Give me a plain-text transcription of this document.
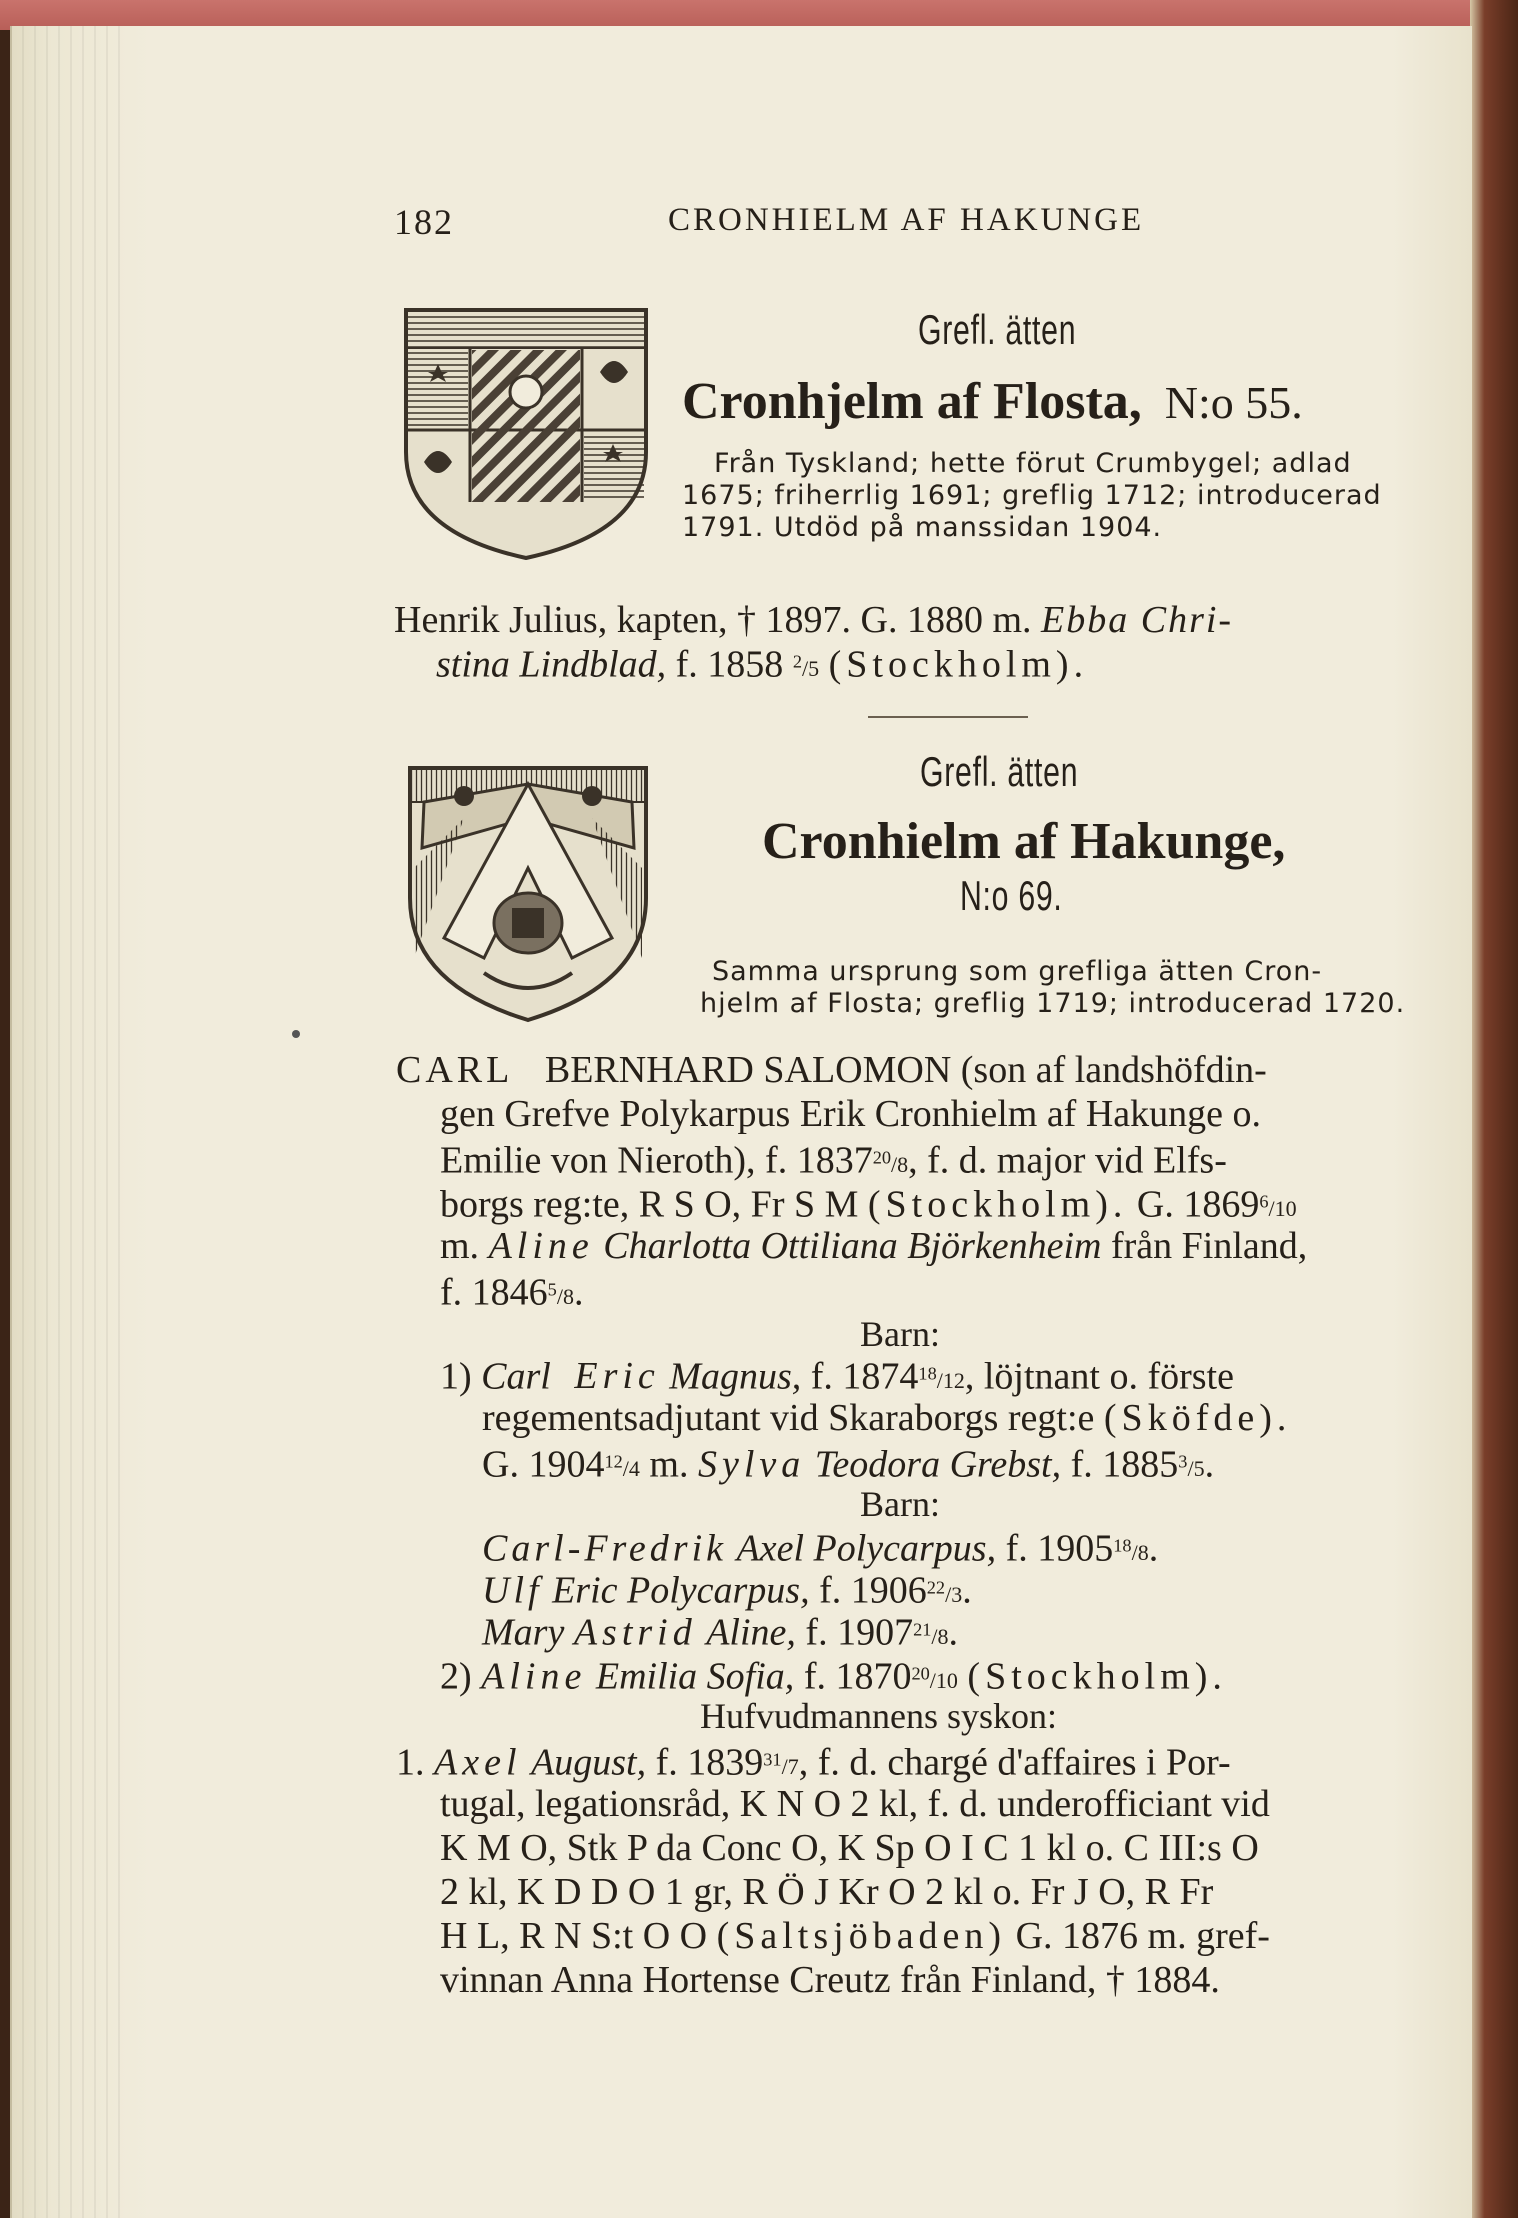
182	CRONHIELM AF HAKUNGE
Grefl. ätten
Cronhjelm af Flosta, N:o 55.
Från Tyskland; hette förut Crumbygel; adlad
1675; friherrlig 1691; greflig 1712; introducerad
1791. Utdöd på manssidan 1904.
Henrik Julius, kapten, † 1897. G. 1880 m. Ebba Chri-
stina Lindblad, f. 1858 $^2$/5 (Stockholm).
Grefl. ätten
Cronhielm af Hakunge,
N:o 69.
Samma ursprung som grefliga ätten Cron-
hjelm af Flosta; greflig 1719; introducerad 1720.
CARL BERNHARD SALOMON (son af landshöfdin-
gen Grefve Polykarpus Erik Cronhielm af Hakunge o.
Emilie von Nieroth), f. 1837$^{20}$/8, f. d. major vid Elfs-
borgs reg:te, R S O, Fr S M (Stockholm). G. 1869$^6$/10
m. Aline Charlotta Ottiliana Björkenheim från Finland,
f. 1846$^5$/8.
Barn:
1) Carl Eric Magnus, f. 1874$^{18}$/12, löjtnant o. förste
regementsadjutant vid Skaraborgs regt:e (Sköfde).
G. 1904$^{12}$/4 m. Sylva Teodora Grebst, f. 1885$^3$/5.
Barn:
Carl-Fredrik Axel Polycarpus, f. 1905$^{18}$/8.
Ulf Eric Polycarpus, f. 1906$^{22}$/3.
Mary Astrid Aline, f. 1907$^{21}$/8.
2) Aline Emilia Sofia, f. 1870$^{20}$/10 (Stockholm).
Hufvudmannens syskon:
1. Axel August, f. 1839$^{31}$/7, f. d. chargé d'affaires i Por-
tugal, legationsråd, K N O 2 kl, f. d. underofficiant vid
K M O, Stk P da Conc O, K Sp O I C 1 kl o. C III:s O
2 kl, K D D O 1 gr, R Ö J Kr O 2 kl o. Fr J O, R Fr
H L, R N S:t O O (Saltsjöbaden) G. 1876 m. gref-
vinnan Anna Hortense Creutz från Finland, † 1884.
